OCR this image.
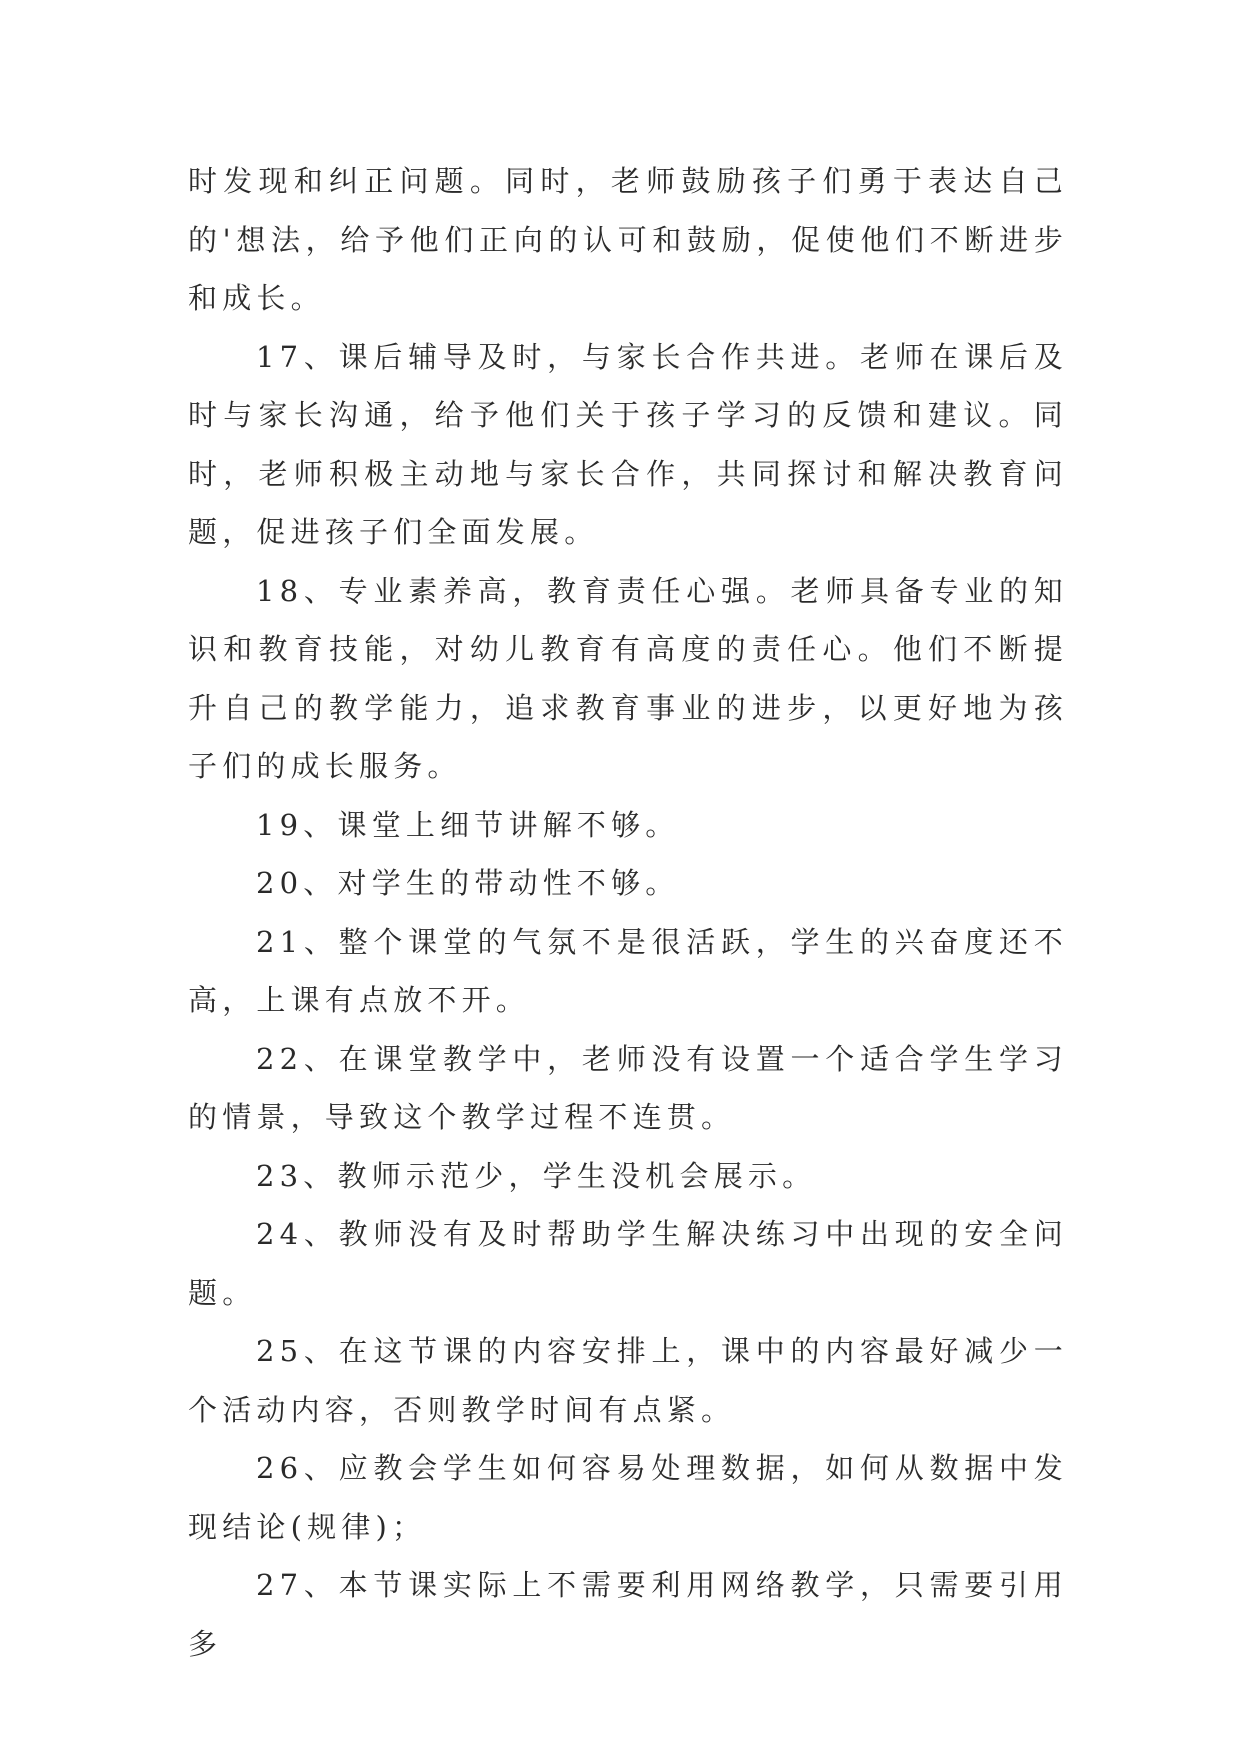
时发现和纠正问题。同时，老师鼓励孩子们勇于表达自己的'想法，给予他们正向的认可和鼓励，促使他们不断进步和成长。

17、课后辅导及时，与家长合作共进。老师在课后及时与家长沟通，给予他们关于孩子学习的反馈和建议。同时，老师积极主动地与家长合作，共同探讨和解决教育问题，促进孩子们全面发展。

18、专业素养高，教育责任心强。老师具备专业的知识和教育技能，对幼儿教育有高度的责任心。他们不断提升自己的教学能力，追求教育事业的进步，以更好地为孩子们的成长服务。

19、课堂上细节讲解不够。

20、对学生的带动性不够。

21、整个课堂的气氛不是很活跃，学生的兴奋度还不高，上课有点放不开。

22、在课堂教学中，老师没有设置一个适合学生学习的情景，导致这个教学过程不连贯。

23、教师示范少，学生没机会展示。

24、教师没有及时帮助学生解决练习中出现的安全问题。

25、在这节课的内容安排上，课中的内容最好减少一个活动内容，否则教学时间有点紧。

26、应教会学生如何容易处理数据，如何从数据中发现结论(规律)；

27、本节课实际上不需要利用网络教学，只需要引用多
